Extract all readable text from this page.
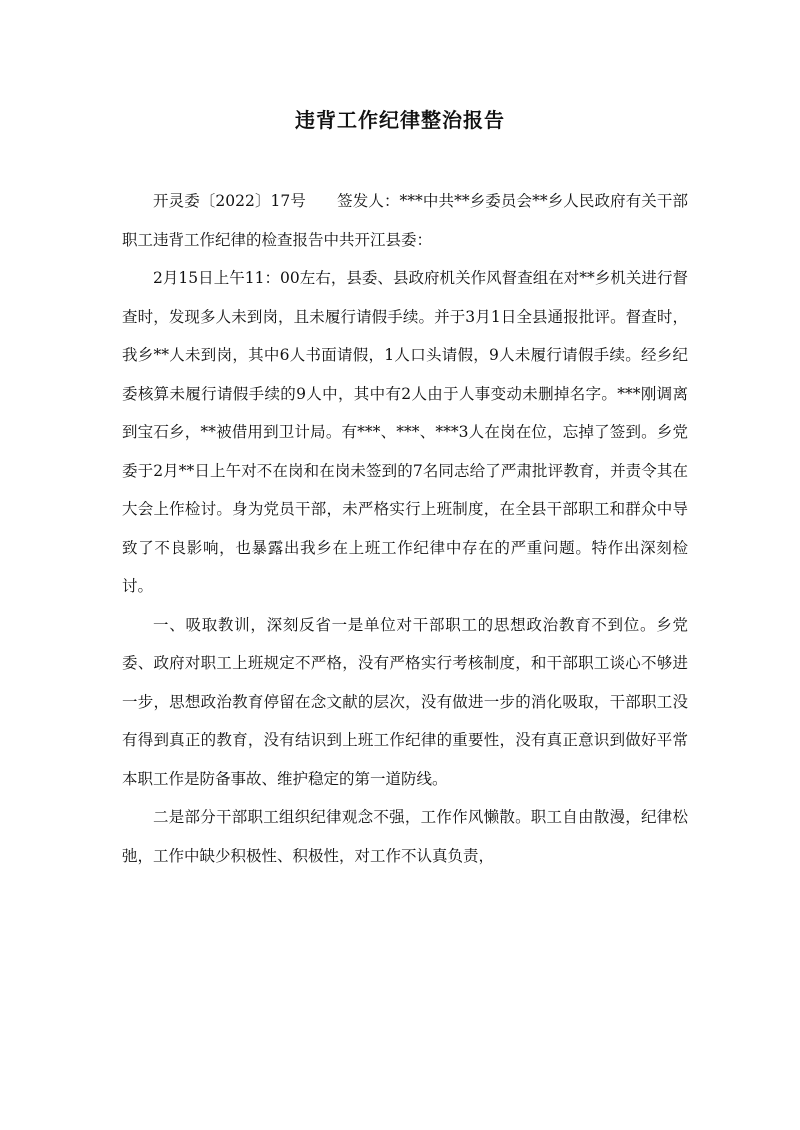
违背工作纪律整治报告

开灵委〔2022〕17号　　签发人：***中共**乡委员会**乡人民政府有关干部职工违背工作纪律的检查报告中共开江县委：

2月15日上午11：00左右，县委、县政府机关作风督查组在对**乡机关进行督查时，发现多人未到岗，且未履行请假手续。并于3月1日全县通报批评。督查时，我乡**人未到岗，其中6人书面请假，1人口头请假，9人未履行请假手续。经乡纪委核算未履行请假手续的9人中，其中有2人由于人事变动未删掉名字。***刚调离到宝石乡，**被借用到卫计局。有***、***、***3人在岗在位，忘掉了签到。乡党委于2月**日上午对不在岗和在岗未签到的7名同志给了严肃批评教育，并责令其在大会上作检讨。身为党员干部，未严格实行上班制度，在全县干部职工和群众中导致了不良影响，也暴露出我乡在上班工作纪律中存在的严重问题。特作出深刻检讨。

一、吸取教训，深刻反省一是单位对干部职工的思想政治教育不到位。乡党委、政府对职工上班规定不严格，没有严格实行考核制度，和干部职工谈心不够进一步，思想政治教育停留在念文献的层次，没有做进一步的消化吸取，干部职工没有得到真正的教育，没有结识到上班工作纪律的重要性，没有真正意识到做好平常本职工作是防备事故、维护稳定的第一道防线。

二是部分干部职工组织纪律观念不强，工作作风懒散。职工自由散漫，纪律松弛，工作中缺少积极性、积极性，对工作不认真负责，
